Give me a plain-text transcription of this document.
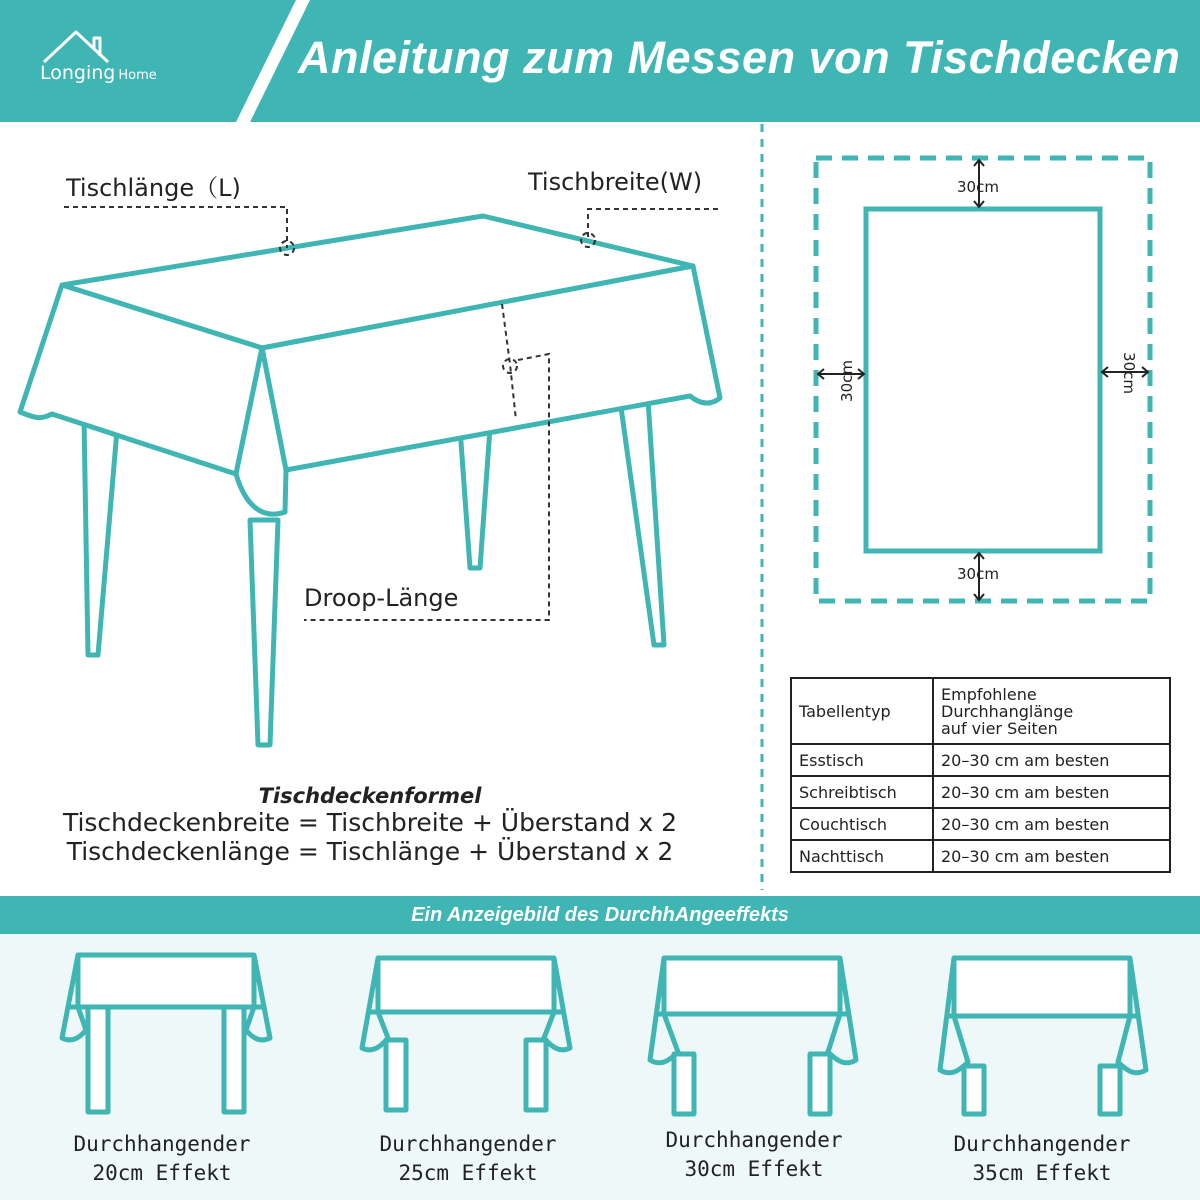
Anleitung zum Messen von Tischdecken
Longing Home
Ein Anzeigebild des DurchhAngeeffekts
Tischlänge（L)	Tischbreite(W)
Droop-Länge
30cm
30cm
30cm	30cm
Tischdeckenformel
Tischdeckenbreite = Tischbreite + Überstand x 2
Tischdeckenlänge = Tischlänge + Überstand x 2
Tabellentyp	Empfohlene
Durchhanglänge
auf vier Seiten
Esstisch	20–30 cm am besten
Schreibtisch	20–30 cm am besten
Couchtisch	20–30 cm am besten
Nachttisch	20–30 cm am besten
Durchhangender
20cm Effekt
Durchhangender
25cm Effekt
Durchhangender
30cm Effekt
Durchhangender
35cm Effekt
